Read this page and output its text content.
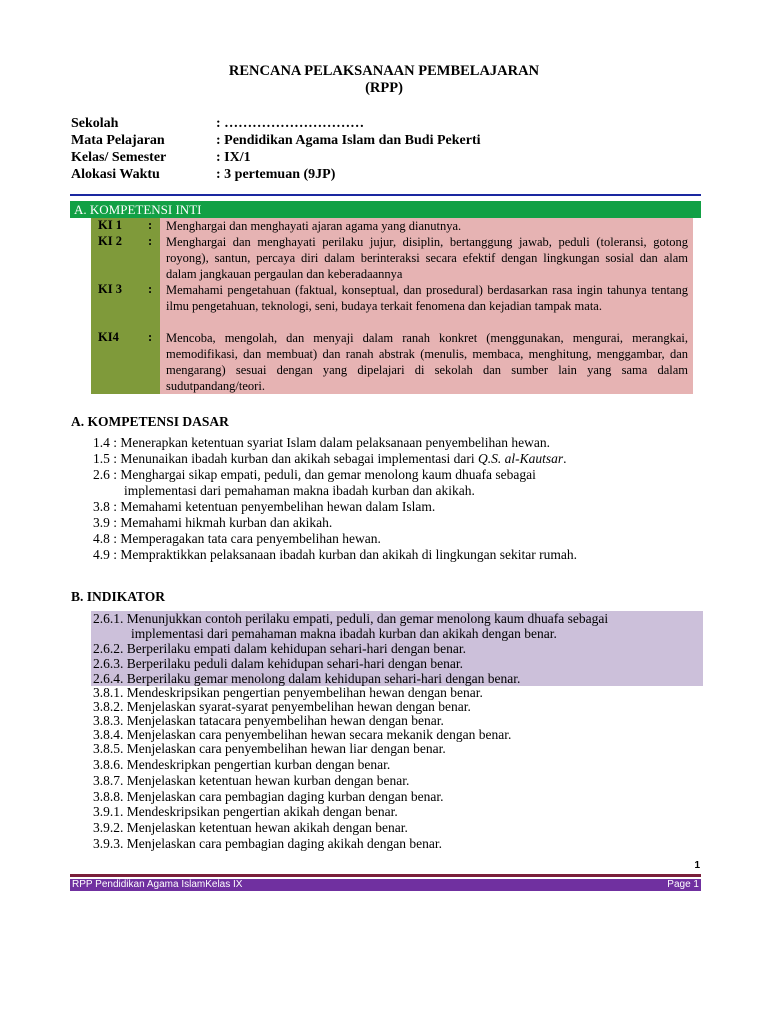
RENCANA PELAKSANAAN PEMBELAJARAN
(RPP)
Sekolah	: …………………………
Mata Pelajaran	: Pendidikan Agama Islam dan Budi Pekerti
Kelas/ Semester	: IX/1
Alokasi Waktu	: 3 pertemuan (9JP)
A. KOMPETENSI INTI
KI 1 : Menghargai dan menghayati ajaran agama yang dianutnya.
KI 2 : Menghargai dan menghayati perilaku jujur, disiplin, bertanggung jawab, peduli (toleransi, gotong royong), santun, percaya diri dalam berinteraksi secara efektif dengan lingkungan sosial dan alam dalam jangkauan pergaulan dan keberadaannya
KI 3 : Memahami pengetahuan (faktual, konseptual, dan prosedural) berdasarkan rasa ingin tahunya tentang ilmu pengetahuan, teknologi, seni, budaya terkait fenomena dan kejadian tampak mata.
KI4 : Mencoba, mengolah, dan menyaji dalam ranah konkret (menggunakan, mengurai, merangkai, memodifikasi, dan membuat) dan ranah abstrak (menulis, membaca, menghitung, menggambar, dan mengarang) sesuai dengan yang dipelajari di sekolah dan sumber lain yang sama dalam sudutpandang/teori.
A. KOMPETENSI DASAR
1.4 : Menerapkan ketentuan syariat Islam dalam pelaksanaan penyembelihan hewan.
1.5 : Menunaikan ibadah kurban dan akikah sebagai implementasi dari Q.S. al-Kautsar.
2.6 : Menghargai sikap empati, peduli, dan gemar menolong kaum dhuafa sebagai
implementasi dari pemahaman makna ibadah kurban dan akikah.
3.8 : Memahami ketentuan penyembelihan hewan dalam Islam.
3.9 : Memahami hikmah kurban dan akikah.
4.8 : Memperagakan tata cara penyembelihan hewan.
4.9 : Mempraktikkan pelaksanaan ibadah kurban dan akikah di lingkungan sekitar rumah.
B. INDIKATOR
2.6.1. Menunjukkan contoh perilaku empati, peduli, dan gemar menolong kaum dhuafa sebagai
implementasi dari pemahaman makna ibadah kurban dan akikah dengan benar.
2.6.2. Berperilaku empati dalam kehidupan sehari-hari dengan benar.
2.6.3. Berperilaku peduli dalam kehidupan sehari-hari dengan benar.
2.6.4. Berperilaku gemar menolong dalam kehidupan sehari-hari dengan benar.
3.8.1. Mendeskripsikan pengertian penyembelihan hewan dengan benar.
3.8.2. Menjelaskan syarat-syarat penyembelihan hewan dengan benar.
3.8.3. Menjelaskan tatacara penyembelihan hewan dengan benar.
3.8.4. Menjelaskan cara penyembelihan hewan secara mekanik dengan benar.
3.8.5. Menjelaskan cara penyembelihan hewan liar dengan benar.
3.8.6. Mendeskripkan pengertian kurban dengan benar.
3.8.7. Menjelaskan ketentuan hewan kurban dengan benar.
3.8.8. Menjelaskan cara pembagian daging kurban dengan benar.
3.9.1. Mendeskripsikan pengertian akikah dengan benar.
3.9.2. Menjelaskan ketentuan hewan akikah dengan benar.
3.9.3. Menjelaskan cara pembagian daging akikah dengan benar.
1
RPP Pendidikan Agama IslamKelas IX	Page 1
